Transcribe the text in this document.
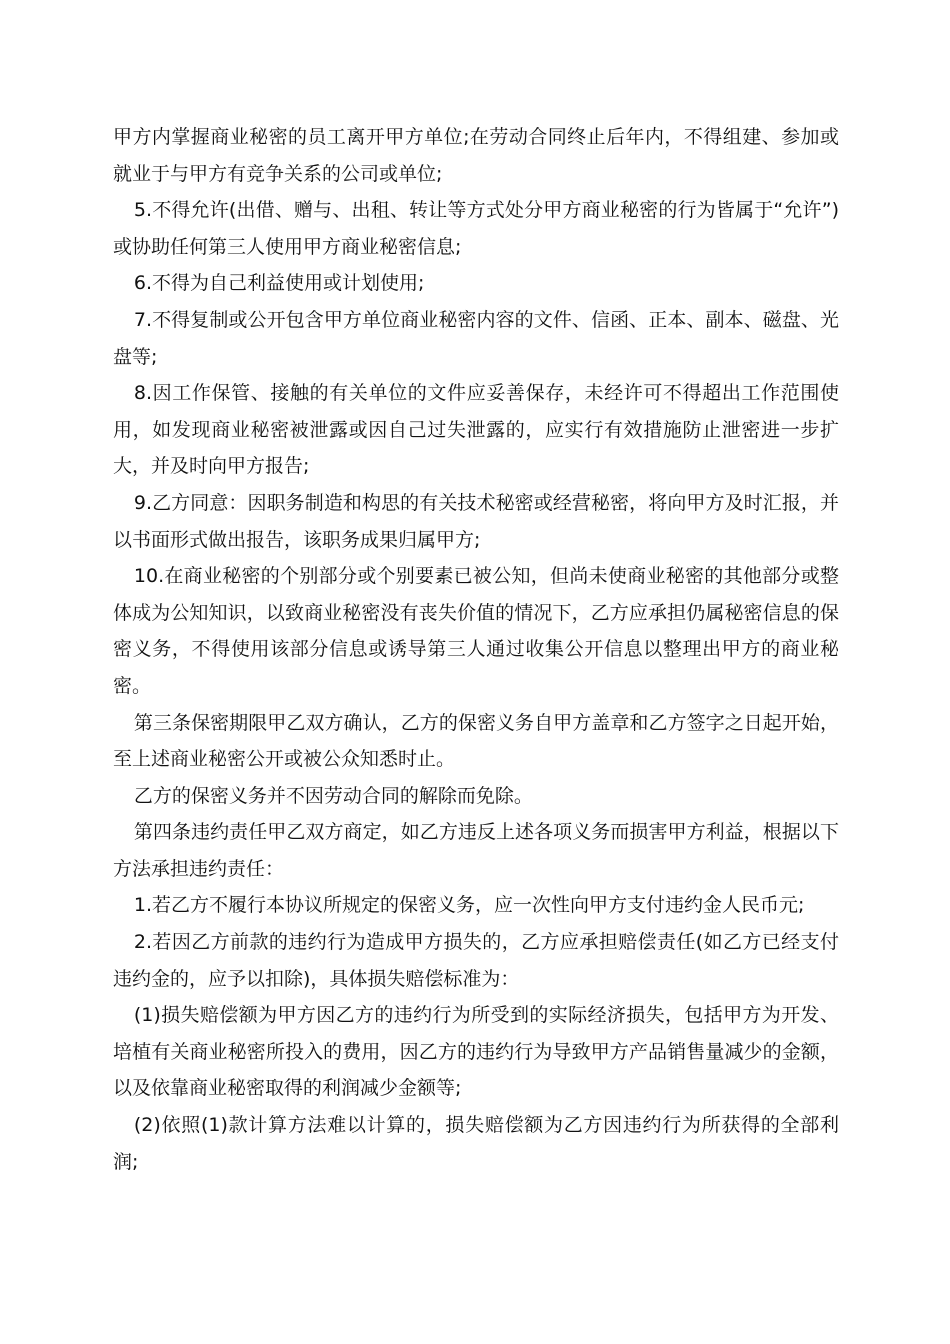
甲方内掌握商业秘密的员工离开甲方单位;在劳动合同终止后年内，不得组建、参加或就业于与甲方有竞争关系的公司或单位;

5.不得允许(出借、赠与、出租、转让等方式处分甲方商业秘密的行为皆属于“允许”)或协助任何第三人使用甲方商业秘密信息;

6.不得为自己利益使用或计划使用;

7.不得复制或公开包含甲方单位商业秘密内容的文件、信函、正本、副本、磁盘、光盘等;

8.因工作保管、接触的有关单位的文件应妥善保存，未经许可不得超出工作范围使用，如发现商业秘密被泄露或因自己过失泄露的，应实行有效措施防止泄密进一步扩大，并及时向甲方报告;

9.乙方同意：因职务制造和构思的有关技术秘密或经营秘密，将向甲方及时汇报，并以书面形式做出报告，该职务成果归属甲方;

10.在商业秘密的个别部分或个别要素已被公知，但尚未使商业秘密的其他部分或整体成为公知知识，以致商业秘密没有丧失价值的情况下，乙方应承担仍属秘密信息的保密义务，不得使用该部分信息或诱导第三人通过收集公开信息以整理出甲方的商业秘密。

第三条保密期限甲乙双方确认，乙方的保密义务自甲方盖章和乙方签字之日起开始，至上述商业秘密公开或被公众知悉时止。

乙方的保密义务并不因劳动合同的解除而免除。

第四条违约责任甲乙双方商定，如乙方违反上述各项义务而损害甲方利益，根据以下方法承担违约责任：

1.若乙方不履行本协议所规定的保密义务，应一次性向甲方支付违约金人民币元;

2.若因乙方前款的违约行为造成甲方损失的，乙方应承担赔偿责任(如乙方已经支付违约金的，应予以扣除)，具体损失赔偿标准为：

(1)损失赔偿额为甲方因乙方的违约行为所受到的实际经济损失，包括甲方为开发、培植有关商业秘密所投入的费用，因乙方的违约行为导致甲方产品销售量减少的金额，以及依靠商业秘密取得的利润减少金额等;

(2)依照(1)款计算方法难以计算的，损失赔偿额为乙方因违约行为所获得的全部利润;
